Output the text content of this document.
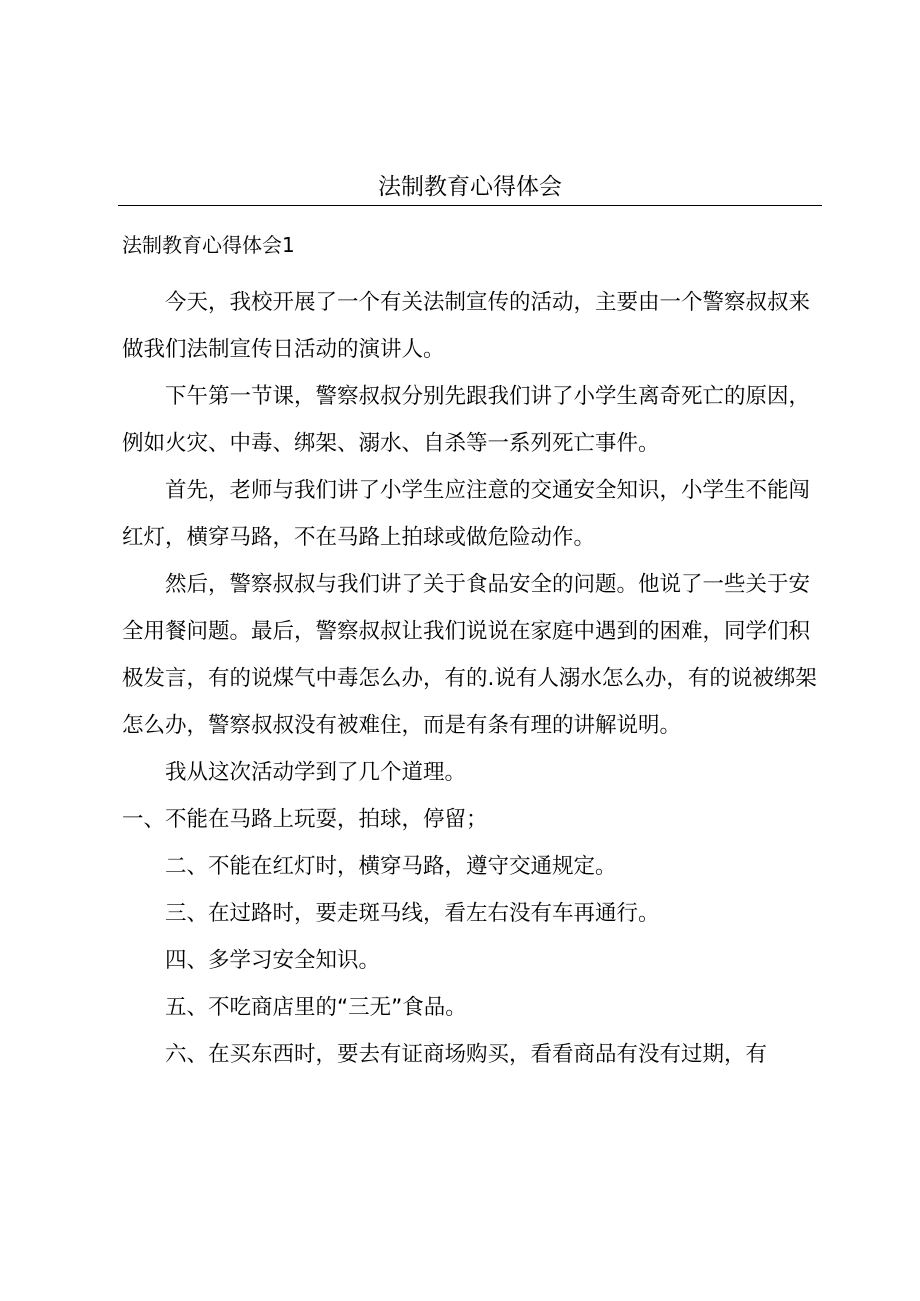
法制教育心得体会
法制教育心得体会1

今天，我校开展了一个有关法制宣传的活动，主要由一个警察叔叔来做我们法制宣传日活动的演讲人。

下午第一节课，警察叔叔分别先跟我们讲了小学生离奇死亡的原因，例如火灾、中毒、绑架、溺水、自杀等一系列死亡事件。

首先，老师与我们讲了小学生应注意的交通安全知识，小学生不能闯红灯，横穿马路，不在马路上拍球或做危险动作。

然后，警察叔叔与我们讲了关于食品安全的问题。他说了一些关于安全用餐问题。最后，警察叔叔让我们说说在家庭中遇到的困难，同学们积极发言，有的说煤气中毒怎么办，有的.说有人溺水怎么办，有的说被绑架怎么办，警察叔叔没有被难住，而是有条有理的讲解说明。

我从这次活动学到了几个道理。

一、不能在马路上玩耍，拍球，停留；

二、不能在红灯时，横穿马路，遵守交通规定。

三、在过路时，要走斑马线，看左右没有车再通行。

四、多学习安全知识。

五、不吃商店里的“三无”食品。

六、在买东西时，要去有证商场购买，看看商品有没有过期，有
